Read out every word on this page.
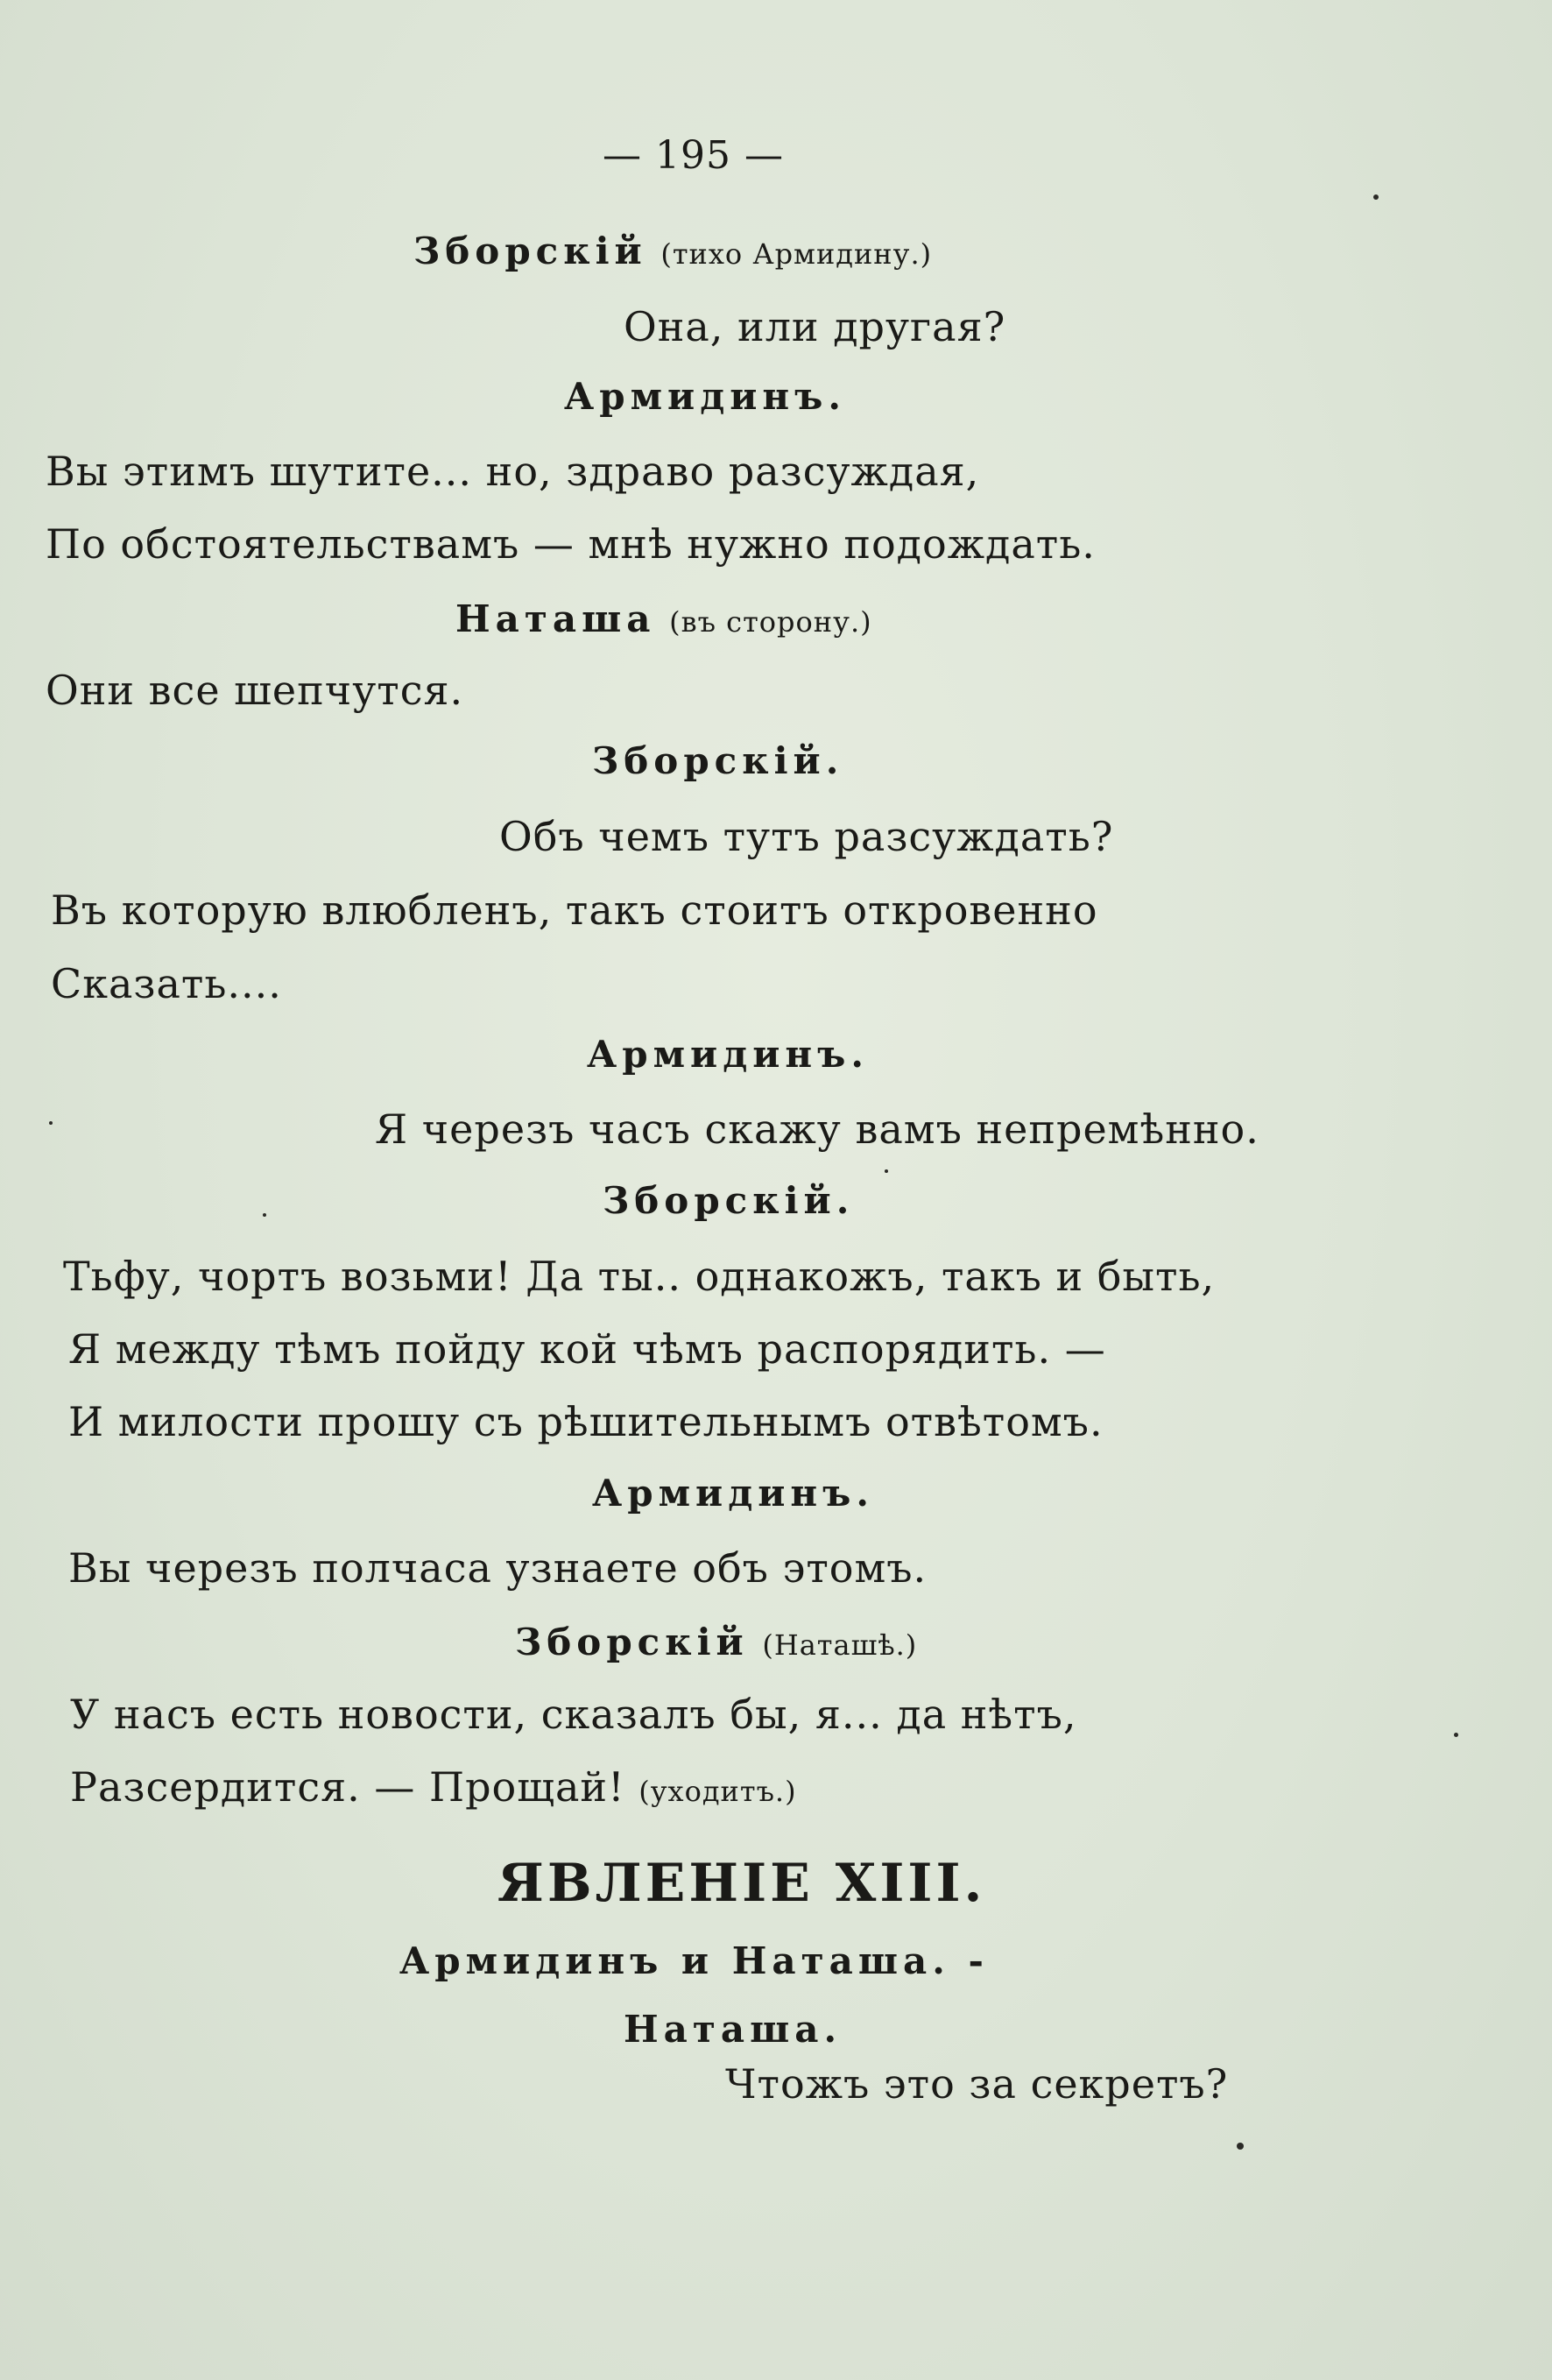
— 195 —
Зборскій (тихо Армидину.)
Она, или другая?
Армидинъ.
Вы этимъ шутите... но, здраво разсуждая,
По обстоятельствамъ — мнѣ нужно подождать.
Наташа (въ сторону.)
Они все шепчутся.
Зборскій.
Объ чемъ тутъ разсуждать?
Въ которую влюбленъ, такъ стоитъ откровенно
Сказать....
Армидинъ.
Я черезъ часъ скажу вамъ непремѣнно.
Зборскій.
Тьфу, чортъ возьми! Да ты.. однакожъ, такъ и быть,
Я между тѣмъ пойду кой чѣмъ распорядить. —
И милости прошу съ рѣшительнымъ отвѣтомъ.
Армидинъ.
Вы черезъ полчаса узнаете объ этомъ.
Зборскій (Наташѣ.)
У насъ есть новости, сказалъ бы, я... да нѣтъ,
Разсердится. — Прощай! (уходитъ.)
ЯВЛЕНІЕ XIII.
Армидинъ и Наташа. -
Наташа.
Чтожъ это за секретъ?
